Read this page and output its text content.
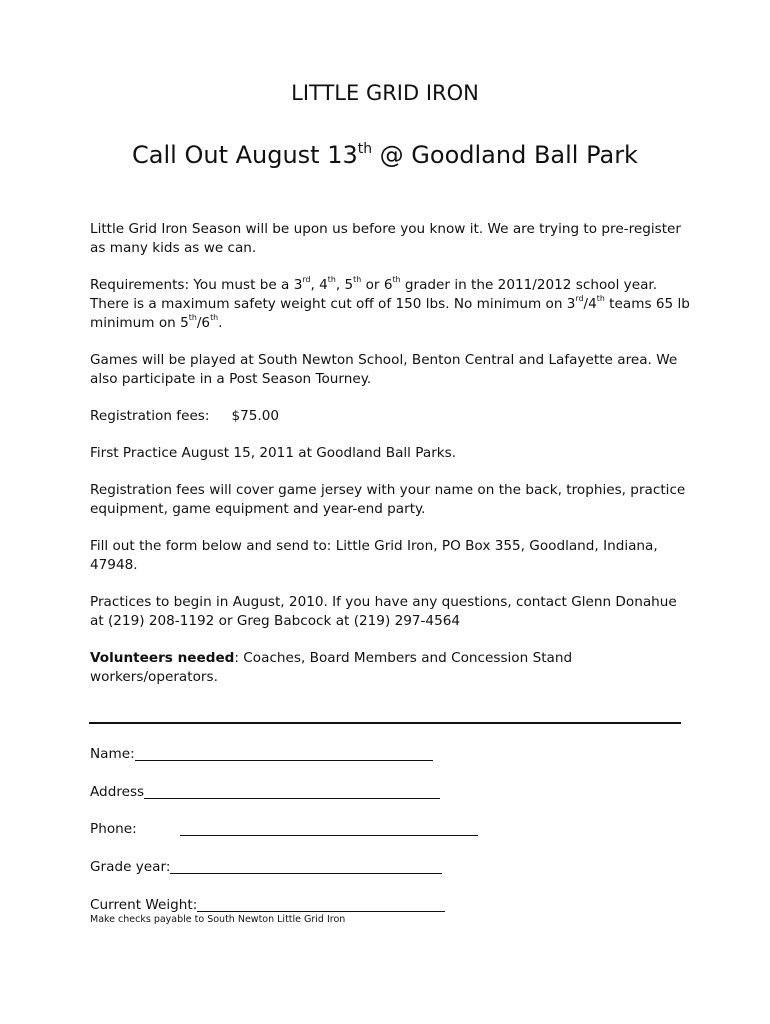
LITTLE GRID IRON
Call Out August 13th @ Goodland Ball Park

Little Grid Iron Season will be upon us before you know it. We are trying to pre-register as many kids as we can.

Requirements: You must be a 3rd, 4th, 5th or 6th grader in the 2011/2012 school year. There is a maximum safety weight cut off of 150 lbs. No minimum on 3rd/4th teams 65 lb minimum on 5th/6th.

Games will be played at South Newton School, Benton Central and Lafayette area. We also participate in a Post Season Tourney.

Registration fees: $75.00

First Practice August 15, 2011 at Goodland Ball Parks.

Registration fees will cover game jersey with your name on the back, trophies, practice equipment, game equipment and year-end party.

Fill out the form below and send to: Little Grid Iron, PO Box 355, Goodland, Indiana, 47948.

Practices to begin in August, 2010. If you have any questions, contact Glenn Donahue at (219) 208-1192 or Greg Babcock at (219) 297-4564

Volunteers needed: Coaches, Board Members and Concession Stand workers/operators.

Name:
Address
Phone:
Grade year:
Current Weight:
Make checks payable to South Newton Little Grid Iron
